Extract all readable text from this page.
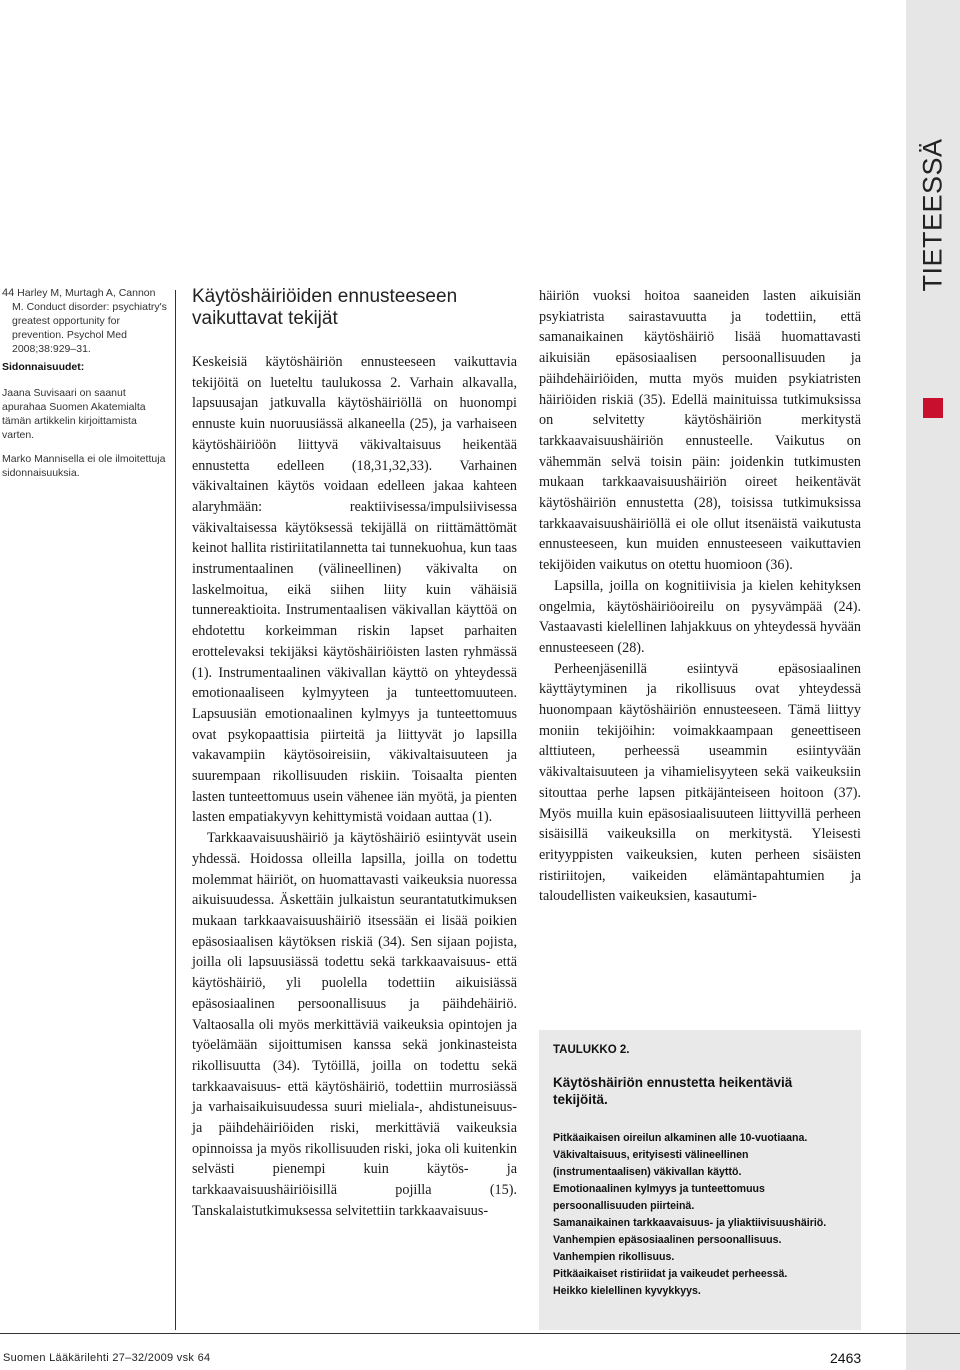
TIETEESSÄ

44 Harley M, Murtagh A, Cannon M. Conduct disorder: psychiatry's greatest opportunity for prevention. Psychol Med 2008;38:929–31.

Sidonnaisuudet:

Jaana Suvisaari on saanut apurahaa Suomen Akatemialta tämän artikkelin kirjoittamista varten.

Marko Mannisella ei ole ilmoitettuja sidonnaisuuksia.

Käytöshäiriöiden ennusteeseen vaikuttavat tekijät

Keskeisiä käytöshäiriön ennusteeseen vaikuttavia tekijöitä on lueteltu taulukossa 2. Varhain alkavalla, lapsuusajan jatkuvalla käytöshäiriöllä on huonompi ennuste kuin nuoruusiässä alkaneella (25), ja varhaiseen käytöshäiriöön liittyvä väkivaltaisuus heikentää ennustetta edelleen (18,31,32,33). Varhainen väkivaltainen käytös voidaan edelleen jakaa kahteen alaryhmään: reaktiivisessa/impulsiivisessa väkivaltaisessa käytöksessä tekijällä on riittämättömät keinot hallita ristiriitatilannetta tai tunnekuohua, kun taas instrumentaalinen (välineellinen) väkivalta on laskelmoitua, eikä siihen liity kuin vähäisiä tunnereaktioita. Instrumentaalisen väkivallan käyttöä on ehdotettu korkeimman riskin lapset parhaiten erottelevaksi tekijäksi käytöshäiriöisten lasten ryhmässä (1). Instrumentaalinen väkivallan käyttö on yhteydessä emotionaaliseen kylmyyteen ja tunteettomuuteen. Lapsuusiän emotionaalinen kylmyys ja tunteettomuus ovat psykopaattisia piirteitä ja liittyvät jo lapsilla vakavampiin käytösoireisiin, väkivaltaisuuteen ja suurempaan rikollisuuden riskiin. Toisaalta pienten lasten tunteettomuus usein vähenee iän myötä, ja pienten lasten empatiakyvyn kehittymistä voidaan auttaa (1).

Tarkkaavaisuushäiriö ja käytöshäiriö esiintyvät usein yhdessä. Hoidossa olleilla lapsilla, joilla on todettu molemmat häiriöt, on huomattavasti vaikeuksia nuoressa aikuisuudessa. Äskettäin julkaistun seurantatutkimuksen mukaan tarkkaavaisuushäiriö itsessään ei lisää poikien epäsosiaalisen käytöksen riskiä (34). Sen sijaan pojista, joilla oli lapsuusiässä todettu sekä tarkkaavaisuus- että käytöshäiriö, yli puolella todettiin aikuisiässä epäsosiaalinen persoonallisuus ja päihdehäiriö. Valtaosalla oli myös merkittäviä vaikeuksia opintojen ja työelämään sijoittumisen kanssa sekä jonkinasteista rikollisuutta (34). Tytöillä, joilla on todettu sekä tarkkaavaisuus- että käytöshäiriö, todettiin murrosiässä ja varhaisaikuisuudessa suuri mieliala-, ahdistuneisuus- ja päihdehäiriöiden riski, merkittäviä vaikeuksia opinnoissa ja myös rikollisuuden riski, joka oli kuitenkin selvästi pienempi kuin käytös- ja tarkkaavaisuushäiriöisillä pojilla (15). Tanskalaistutkimuksessa selvitettiin tarkkaavaisuus-

häiriön vuoksi hoitoa saaneiden lasten aikuisiän psykiatrista sairastavuutta ja todettiin, että samanaikainen käytöshäiriö lisää huomattavasti aikuisiän epäsosiaalisen persoonallisuuden ja päihdehäiriöiden, mutta myös muiden psykiatristen häiriöiden riskiä (35). Edellä mainituissa tutkimuksissa on selvitetty käytöshäiriön merkitystä tarkkaavaisuushäiriön ennusteelle. Vaikutus on vähemmän selvä toisin päin: joidenkin tutkimusten mukaan tarkkaavaisuushäiriön oireet heikentävät käytöshäiriön ennustetta (28), toisissa tutkimuksissa tarkkaavaisuushäiriöllä ei ole ollut itsenäistä vaikutusta ennusteeseen, kun muiden ennusteeseen vaikuttavien tekijöiden vaikutus on otettu huomioon (36).

Lapsilla, joilla on kognitiivisia ja kielen kehityksen ongelmia, käytöshäiriöoireilu on pysyvämpää (24). Vastaavasti kielellinen lahjakkuus on yhteydessä hyvään ennusteeseen (28).

Perheenjäsenillä esiintyvä epäsosiaalinen käyttäytyminen ja rikollisuus ovat yhteydessä huonompaan käytöshäiriön ennusteeseen. Tämä liittyy moniin tekijöihin: voimakkaampaan geneettiseen alttiuteen, perheessä useammin esiintyvään väkivaltaisuuteen ja vihamielisyyteen sekä vaikeuksiin sitouttaa perhe lapsen pitkäjänteiseen hoitoon (37). Myös muilla kuin epäsosiaalisuuteen liittyvillä perheen sisäisillä vaikeuksilla on merkitystä. Yleisesti erityyppisten vaikeuksien, kuten perheen sisäisten ristiriitojen, vaikeiden elämäntapahtumien ja taloudellisten vaikeuksien, kasautumi-

TAULUKKO 2.
Käytöshäiriön ennustetta heikentäviä tekijöitä.
Pitkäaikaisen oireilun alkaminen alle 10-vuotiaana.
Väkivaltaisuus, erityisesti välineellinen (instrumentaalisen) väkivallan käyttö.
Emotionaalinen kylmyys ja tunteettomuus persoonallisuuden piirteinä.
Samanaikainen tarkkaavaisuus- ja yliaktiivisuushäiriö.
Vanhempien epäsosiaalinen persoonallisuus.
Vanhempien rikollisuus.
Pitkäaikaiset ristiriidat ja vaikeudet perheessä.
Heikko kielellinen kyvykkyys.
Suomen Lääkärilehti 27–32/2009 vsk 64	2463
